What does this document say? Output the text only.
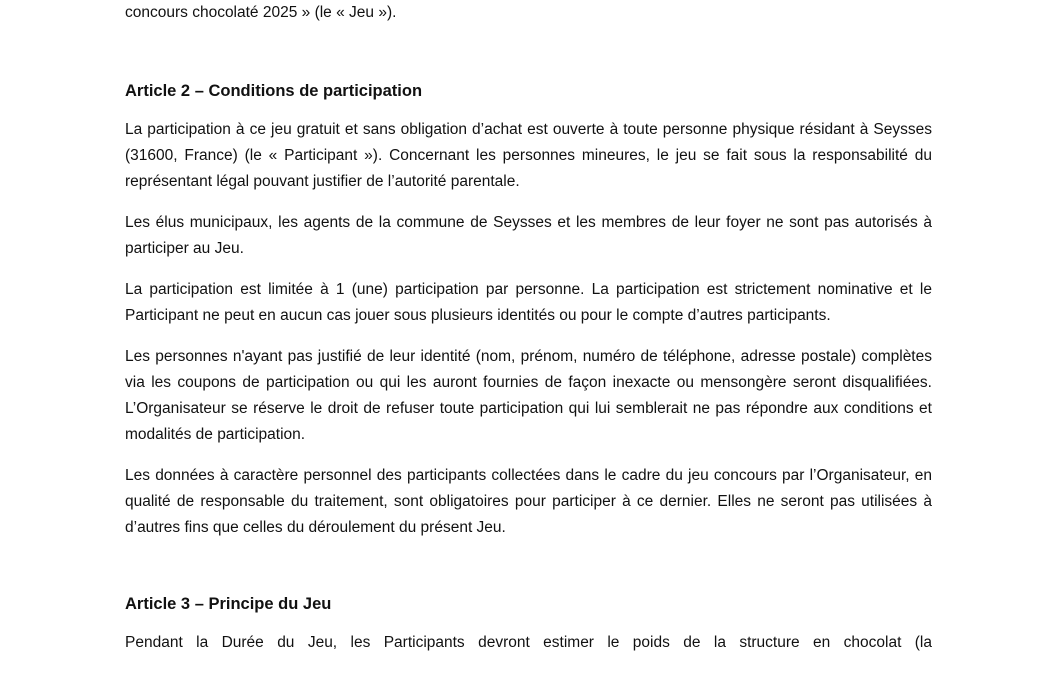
concours chocolaté 2025 » (le « Jeu »).

Article 2 – Conditions de participation

La participation à ce jeu gratuit et sans obligation d’achat est ouverte à toute personne physique résidant à Seysses (31600, France) (le « Participant »). Concernant les personnes mineures, le jeu se fait sous la responsabilité du représentant légal pouvant justifier de l’autorité parentale.

Les élus municipaux, les agents de la commune de Seysses et les membres de leur foyer ne sont pas autorisés à participer au Jeu.

La participation est limitée à 1 (une) participation par personne. La participation est strictement nominative et le Participant ne peut en aucun cas jouer sous plusieurs identités ou pour le compte d’autres participants.

Les personnes n'ayant pas justifié de leur identité (nom, prénom, numéro de téléphone, adresse postale) complètes via les coupons de participation ou qui les auront fournies de façon inexacte ou mensongère seront disqualifiées. L’Organisateur se réserve le droit de refuser toute participation qui lui semblerait ne pas répondre aux conditions et modalités de participation.

Les données à caractère personnel des participants collectées dans le cadre du jeu concours par l’Organisateur, en qualité de responsable du traitement, sont obligatoires pour participer à ce dernier. Elles ne seront pas utilisées à d’autres fins que celles du déroulement du présent Jeu.

Article 3 – Principe du Jeu

Pendant la Durée du Jeu, les Participants devront estimer le poids de la structure en chocolat (la
